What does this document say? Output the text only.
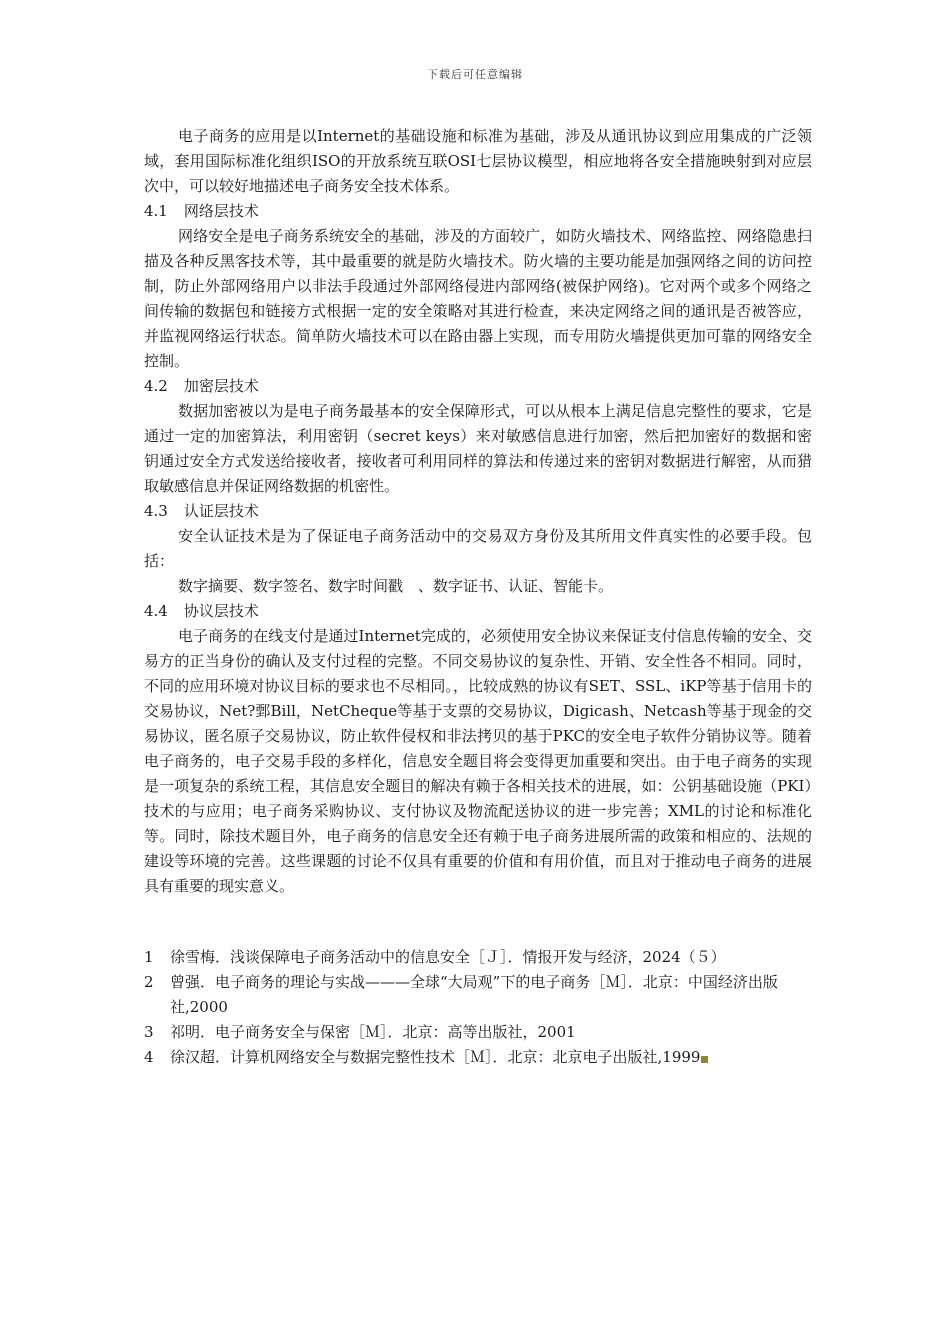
下载后可任意编辑

电子商务的应用是以Internet的基础设施和标准为基础，涉及从通讯协议到应用集成的广泛领域，套用国际标准化组织ISO的开放系统互联OSI七层协议模型，相应地将各安全措施映射到对应层次中，可以较好地描述电子商务安全技术体系。

4.1 网络层技术

网络安全是电子商务系统安全的基础，涉及的方面较广，如防火墙技术、网络监控、网络隐患扫描及各种反黑客技术等，其中最重要的就是防火墙技术。防火墙的主要功能是加强网络之间的访问控制，防止外部网络用户以非法手段通过外部网络侵进内部网络(被保护网络)。它对两个或多个网络之间传输的数据包和链接方式根据一定的安全策略对其进行检查，来决定网络之间的通讯是否被答应，并监视网络运行状态。简单防火墙技术可以在路由器上实现，而专用防火墙提供更加可靠的网络安全控制。

4.2 加密层技术

数据加密被以为是电子商务最基本的安全保障形式，可以从根本上满足信息完整性的要求，它是通过一定的加密算法，利用密钥（secret keys）来对敏感信息进行加密，然后把加密好的数据和密钥通过安全方式发送给接收者，接收者可利用同样的算法和传递过来的密钥对数据进行解密，从而猎取敏感信息并保证网络数据的机密性。

4.3 认证层技术

安全认证技术是为了保证电子商务活动中的交易双方身份及其所用文件真实性的必要手段。包括：

数字摘要、数字签名、数字时间戳　、数字证书、认证、智能卡。

4.4 协议层技术

电子商务的在线支付是通过Internet完成的，必须使用安全协议来保证支付信息传输的安全、交易方的正当身份的确认及支付过程的完整。不同交易协议的复杂性、开销、安全性各不相同。同时，不同的应用环境对协议目标的要求也不尽相同。，比较成熟的协议有SET、SSL、iKP等基于信用卡的交易协议，Net?鄄Bill，NetCheque等基于支票的交易协议，Digicash、Netcash等基于现金的交易协议，匿名原子交易协议，防止软件侵权和非法拷贝的基于PKC的安全电子软件分销协议等。随着电子商务的，电子交易手段的多样化，信息安全题目将会变得更加重要和突出。由于电子商务的实现是一项复杂的系统工程，其信息安全题目的解决有赖于各相关技术的进展，如：公钥基础设施（PKI）技术的与应用；电子商务采购协议、支付协议及物流配送协议的进一步完善；XML的讨论和标准化等。同时，除技术题目外，电子商务的信息安全还有赖于电子商务进展所需的政策和相应的、法规的建设等环境的完善。这些课题的讨论不仅具有重要的价值和有用价值，而且对于推动电子商务的进展具有重要的现实意义。

1	徐雪梅．浅谈保障电子商务活动中的信息安全［Ｊ］．情报开发与经济，2024（５）

2	曾强．电子商务的理论与实战———全球“大局观”下的电子商务［Ｍ］．北京：中国经济出版社,2000

3	祁明．电子商务安全与保密［Ｍ］．北京：高等出版社，2001

4	徐汉超．计算机网络安全与数据完整性技术［Ｍ］．北京：北京电子出版社,1999
